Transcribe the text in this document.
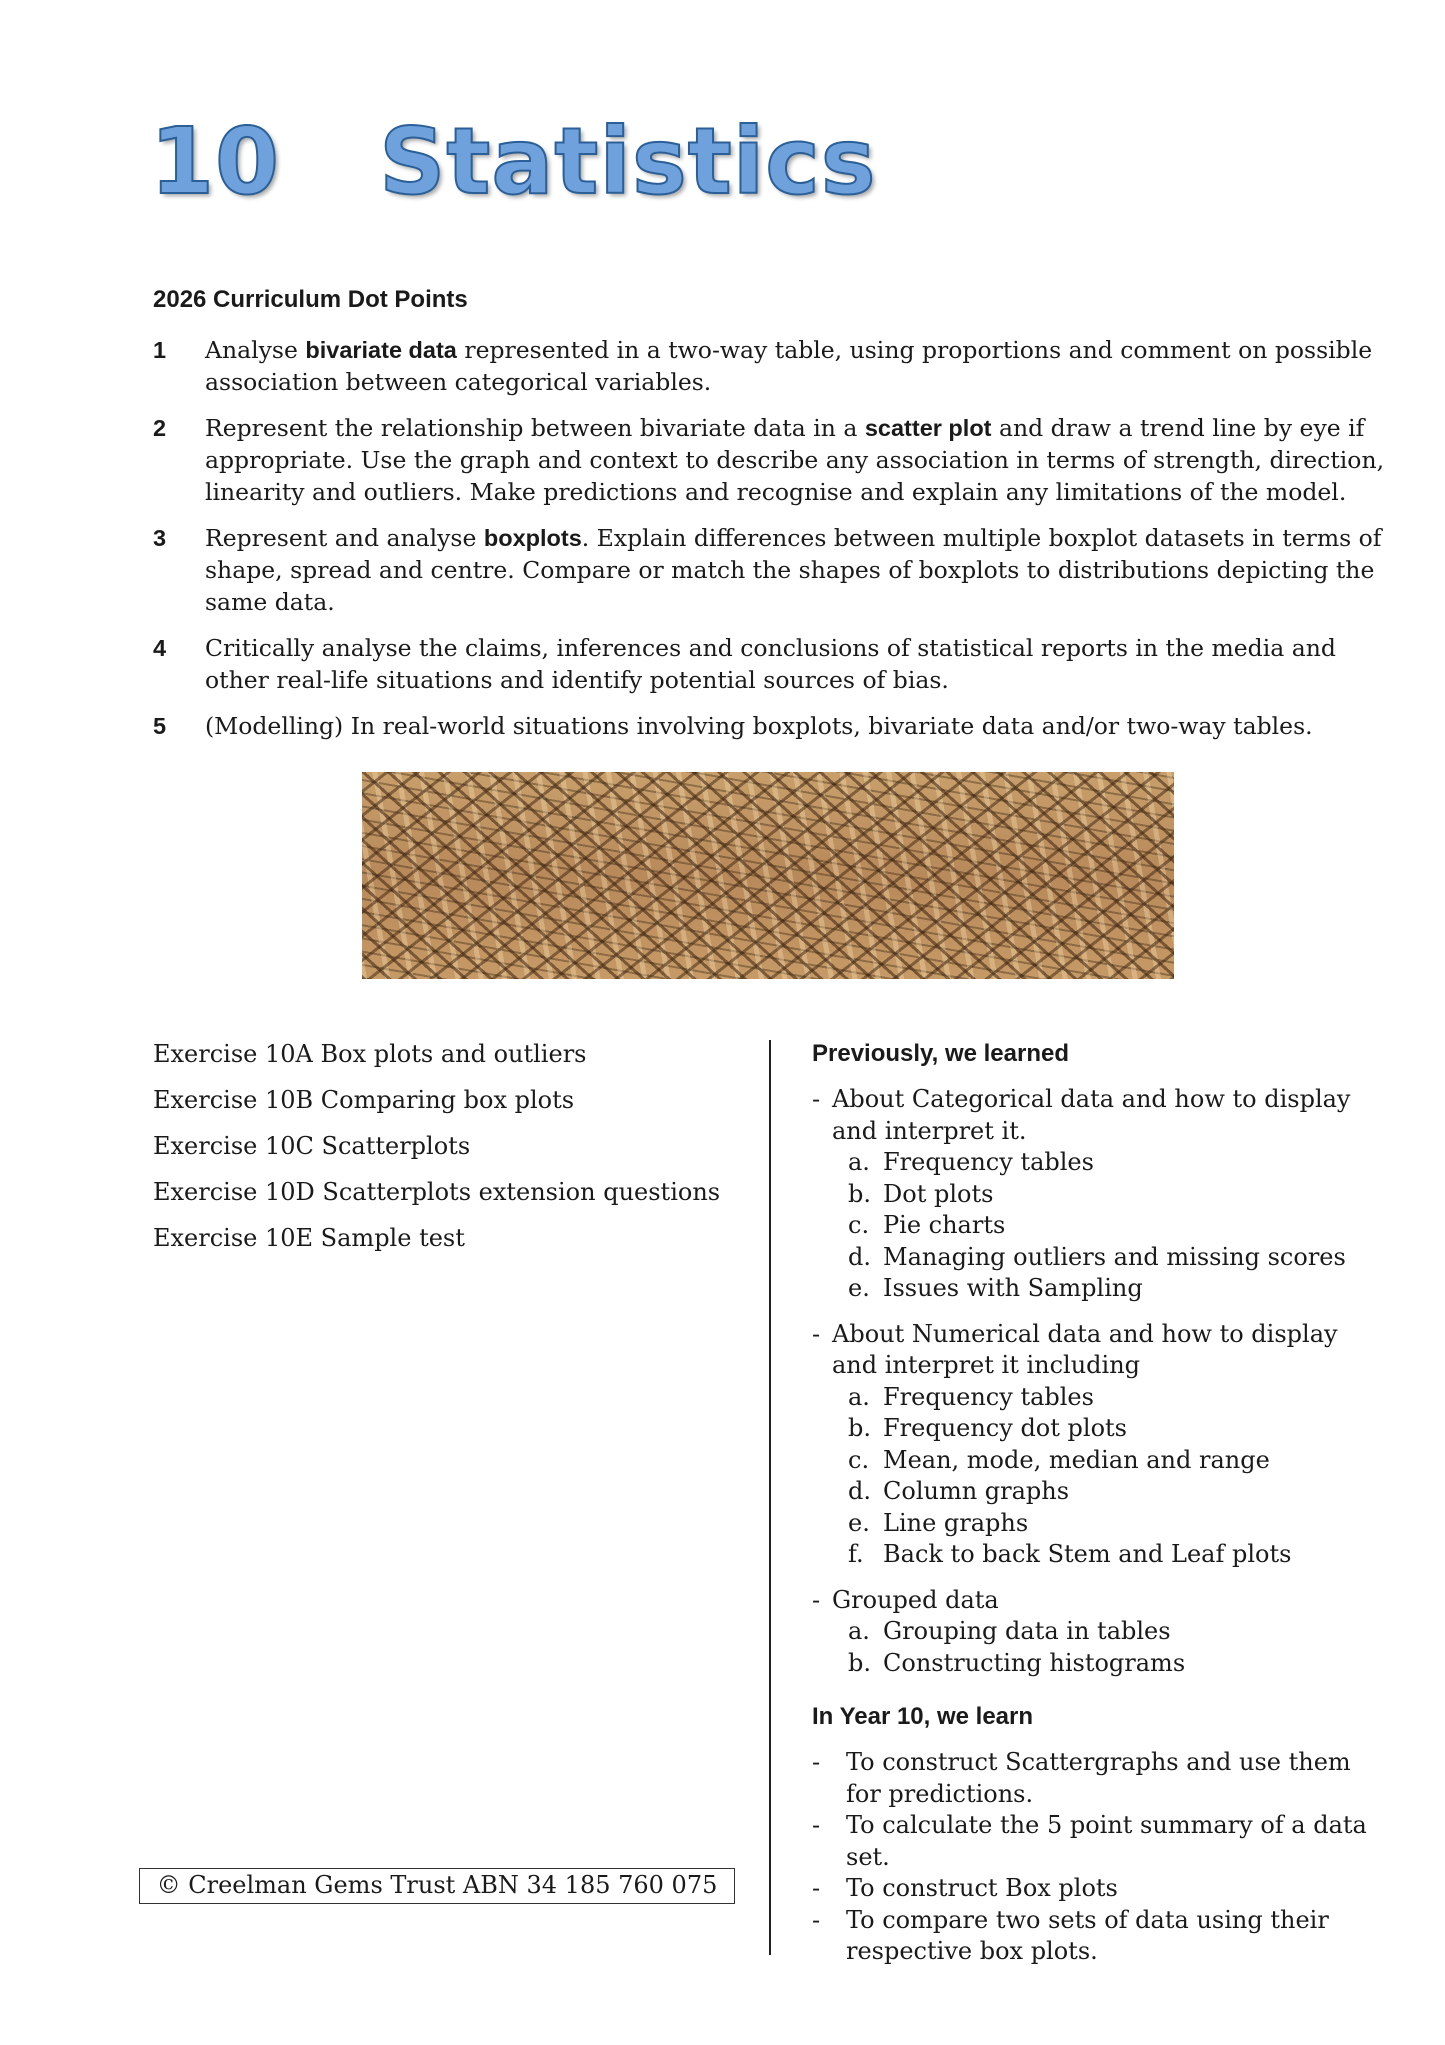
10   Statistics
2026 Curriculum Dot Points
1	Analyse bivariate data represented in a two-way table, using proportions and comment on possible association between categorical variables.
2	Represent the relationship between bivariate data in a scatter plot and draw a trend line by eye if appropriate. Use the graph and context to describe any association in terms of strength, direction, linearity and outliers. Make predictions and recognise and explain any limitations of the model.
3	Represent and analyse boxplots. Explain differences between multiple boxplot datasets in terms of shape, spread and centre. Compare or match the shapes of boxplots to distributions depicting the same data.
4	Critically analyse the claims, inferences and conclusions of statistical reports in the media and other real-life situations and identify potential sources of bias.
5	(Modelling) In real-world situations involving boxplots, bivariate data and/or two-way tables.
Exercise 10A Box plots and outliers
Exercise 10B Comparing box plots
Exercise 10C Scatterplots
Exercise 10D Scatterplots extension questions
Exercise 10E Sample test
Previously, we learned
- About Categorical data and how to display and interpret it.
a. Frequency tables
b. Dot plots
c. Pie charts
d. Managing outliers and missing scores
e. Issues with Sampling
- About Numerical data and how to display and interpret it including
a. Frequency tables
b. Frequency dot plots
c. Mean, mode, median and range
d. Column graphs
e. Line graphs
f. Back to back Stem and Leaf plots
- Grouped data
a. Grouping data in tables
b. Constructing histograms
In Year 10, we learn
-	To construct Scattergraphs and use them for predictions.
-	To calculate the 5 point summary of a data set.
-	To construct Box plots
-	To compare two sets of data using their respective box plots.
© Creelman Gems Trust ABN 34 185 760 075
